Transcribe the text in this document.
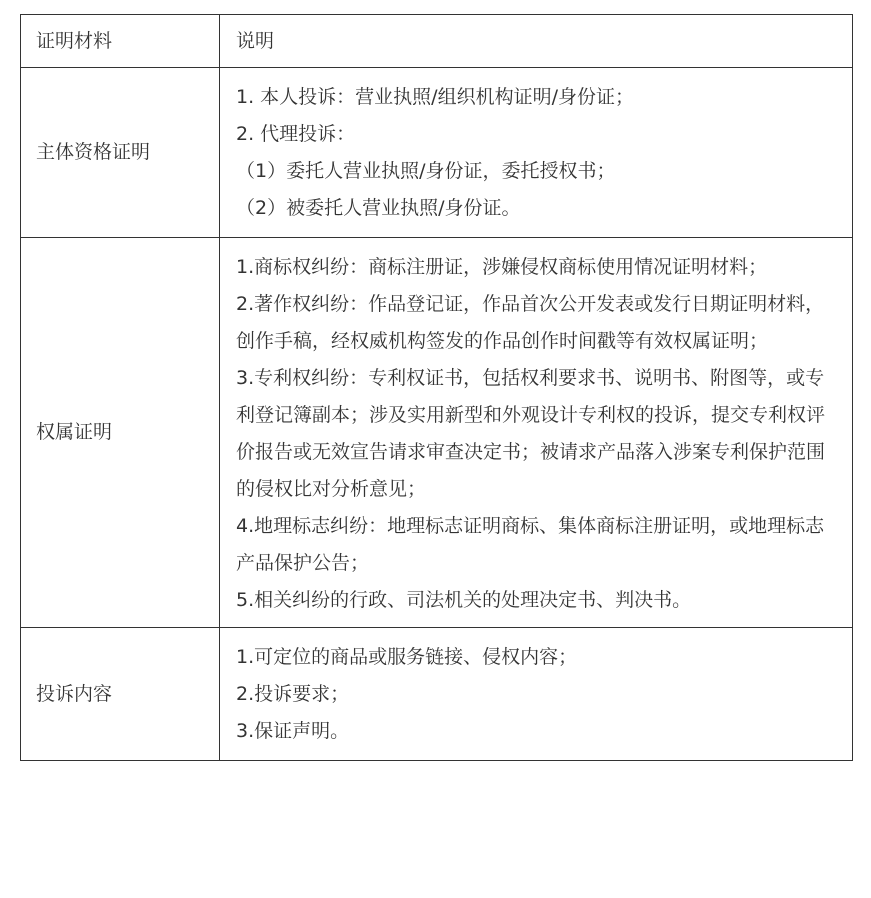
证明材料	说明
主体资格证明	1. 本人投诉：营业执照/组织机构证明/身份证；
2. 代理投诉：
（1）委托人营业执照/身份证，委托授权书；
（2）被委托人营业执照/身份证。

权属证明	1.商标权纠纷：商标注册证，涉嫌侵权商标使用情况证明材料；
2.著作权纠纷：作品登记证，作品首次公开发表或发行日期证明材料，创作手稿，经权威机构签发的作品创作时间戳等有效权属证明；
3.专利权纠纷：专利权证书，包括权利要求书、说明书、附图等，或专利登记簿副本；涉及实用新型和外观设计专利权的投诉，提交专利权评价报告或无效宣告请求审查决定书；被请求产品落入涉案专利保护范围的侵权比对分析意见；
4.地理标志纠纷：地理标志证明商标、集体商标注册证明，或地理标志产品保护公告；
5.相关纠纷的行政、司法机关的处理决定书、判决书。

投诉内容	1.可定位的商品或服务链接、侵权内容；
2.投诉要求；
3.保证声明。
